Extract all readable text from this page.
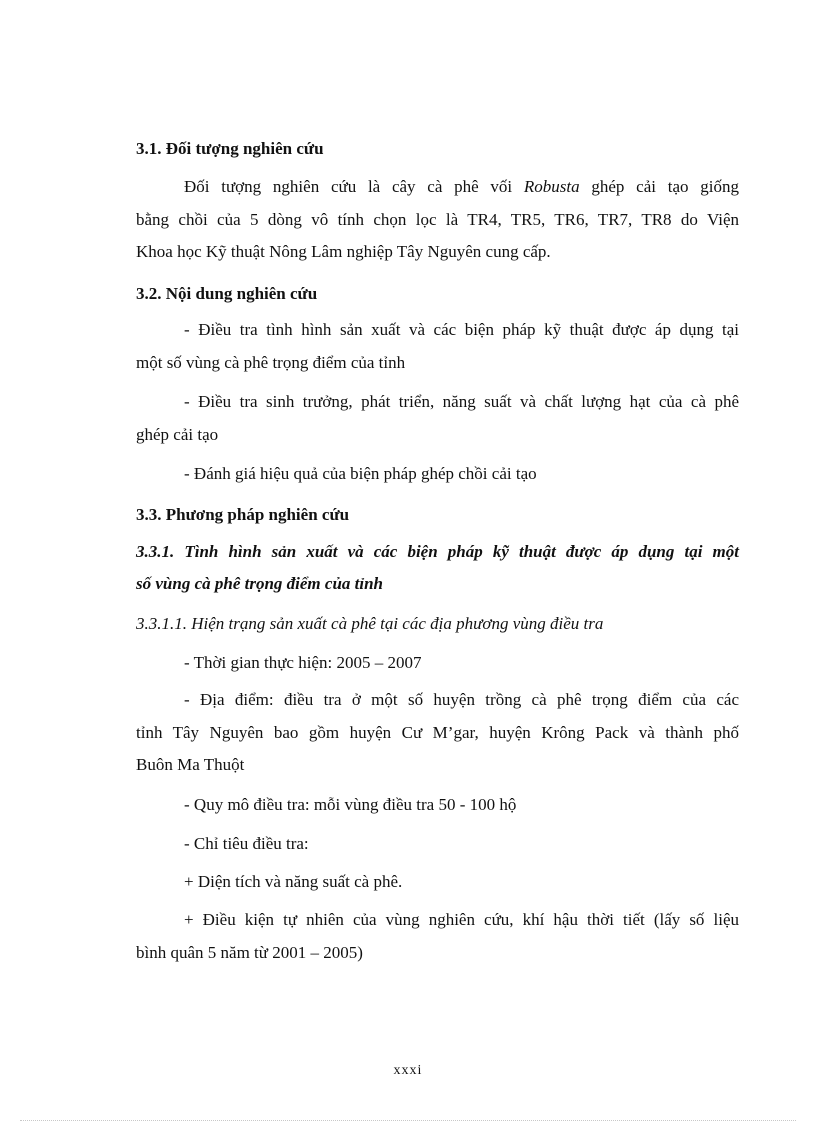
3.1. Đối tượng nghiên cứu
Đối tượng nghiên cứu là cây cà phê vối Robusta ghép cải tạo giống
bằng chồi của 5 dòng vô tính chọn lọc là TR4, TR5, TR6, TR7, TR8 do Viện
Khoa học Kỹ thuật Nông Lâm nghiệp Tây Nguyên cung cấp.
3.2. Nội dung nghiên cứu
- Điều tra tình hình sản xuất và các biện pháp kỹ thuật được áp dụng tại
một số vùng cà phê trọng điểm của tỉnh
- Điều tra sinh trưởng, phát triển, năng suất và chất lượng hạt của cà phê
ghép cải tạo
- Đánh giá hiệu quả của biện pháp ghép chồi cải tạo
3.3. Phương pháp nghiên cứu
3.3.1. Tình hình sản xuất và các biện pháp kỹ thuật được áp dụng tại một
số vùng cà phê trọng điểm của tỉnh
3.3.1.1. Hiện trạng sản xuất cà phê tại các địa phương vùng điều tra
- Thời gian thực hiện: 2005 – 2007
- Địa điểm: điều tra ở một số huyện trồng cà phê trọng điểm của các
tỉnh Tây Nguyên bao gồm huyện Cư M’gar, huyện Krông Pack và thành phố
Buôn Ma Thuột
- Quy mô điều tra: mỗi vùng điều tra 50 - 100 hộ
- Chỉ tiêu điều tra:
+ Diện tích và năng suất cà phê.
+ Điều kiện tự nhiên của vùng nghiên cứu, khí hậu thời tiết (lấy số liệu
bình quân 5 năm từ 2001 – 2005)
xxxi
